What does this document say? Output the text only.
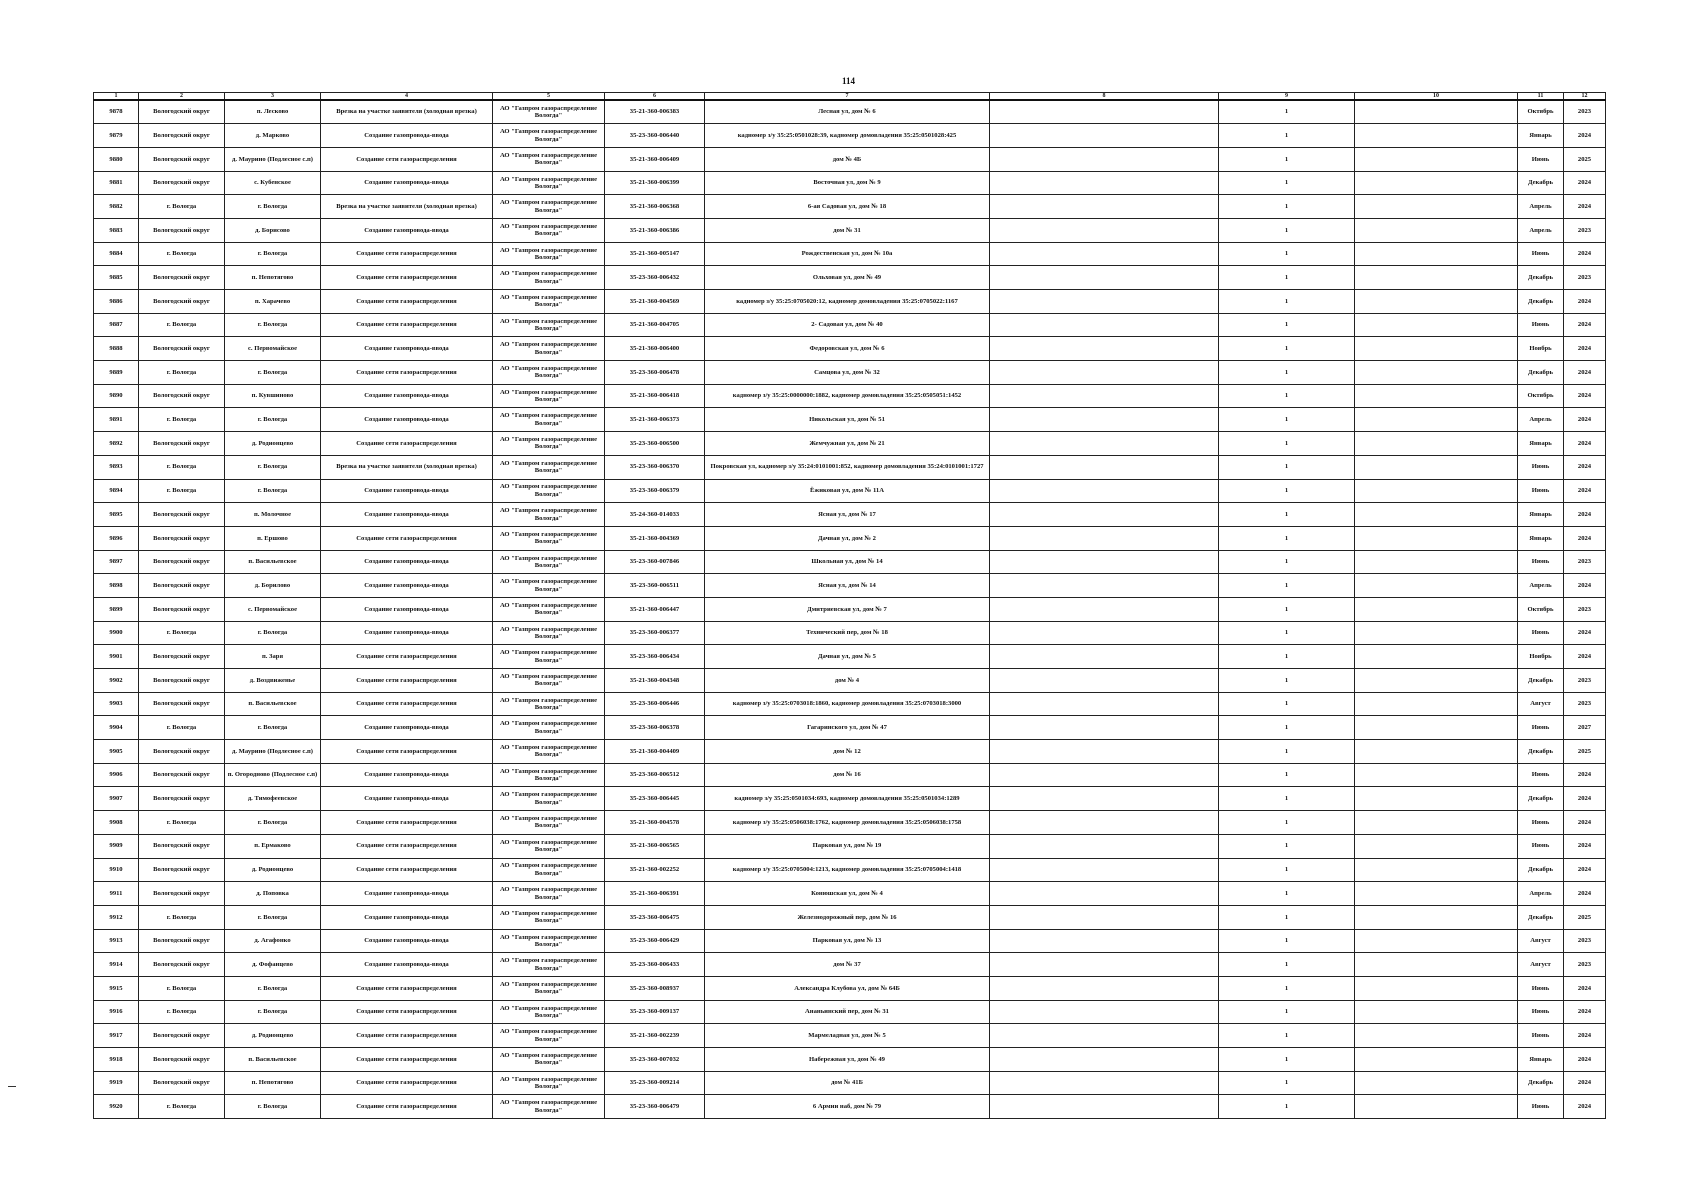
114
1	2	3	4	5	6	7	8	9	10	11	12
9878	Вологодский округ	п. Лесково	Врезка на участке заявителя (холодная врезка)	АО "Газпром газораспределение Вологда"	35-21-360-006383	Лесная ул, дом № 6		1		Октябрь	2023
9879	Вологодский округ	д. Марково	Создание газопровода-ввода	АО "Газпром газораспределение Вологда"	35-23-360-006440	кадномер з/у 35:25:0501028:39, кадномер домовладения 35:25:0501028:425		1		Январь	2024
9880	Вологодский округ	д. Маурино (Подлесное с.п)	Создание сети газораспределения	АО "Газпром газораспределение Вологда"	35-21-360-006409	дом № 4Б		1		Июнь	2025
9881	Вологодский округ	с. Кубенское	Создание газопровода-ввода	АО "Газпром газораспределение Вологда"	35-21-360-006399	Восточная ул, дом № 9		1		Декабрь	2024
9882	г. Вологда	г. Вологда	Врезка на участке заявителя (холодная врезка)	АО "Газпром газораспределение Вологда"	35-21-360-006368	6-ая Садовая ул, дом № 18		1		Апрель	2024
9883	Вологодский округ	д. Борисово	Создание газопровода-ввода	АО "Газпром газораспределение Вологда"	35-21-360-006386	дом № 31		1		Апрель	2023
9884	г. Вологда	г. Вологда	Создание сети газораспределения	АО "Газпром газораспределение Вологда"	35-21-360-005147	Рождественская ул, дом № 10а		1		Июнь	2024
9885	Вологодский округ	п. Непотягово	Создание сети газораспределения	АО "Газпром газораспределение Вологда"	35-23-360-006432	Ольховая ул, дом № 49		1		Декабрь	2023
9886	Вологодский округ	п. Харачево	Создание сети газораспределения	АО "Газпром газораспределение Вологда"	35-21-360-004569	кадномер з/у 35:25:0705020:12, кадномер домовладения 35:25:0705022:1167		1		Декабрь	2024
9887	г. Вологда	г. Вологда	Создание сети газораспределения	АО "Газпром газораспределение Вологда"	35-21-360-004705	2- Садовая ул, дом № 40		1		Июнь	2024
9888	Вологодский округ	с. Первомайское	Создание газопровода-ввода	АО "Газпром газораспределение Вологда"	35-21-360-006400	Федоровская ул, дом № 6		1		Ноябрь	2024
9889	г. Вологда	г. Вологда	Создание сети газораспределения	АО "Газпром газораспределение Вологда"	35-23-360-006478	Самцова ул, дом № 32		1		Декабрь	2024
9890	Вологодский округ	п. Кувшиново	Создание газопровода-ввода	АО "Газпром газораспределение Вологда"	35-21-360-006418	кадномер з/у 35:25:0000000:1882, кадномер домовладения 35:25:0505051:1452		1		Октябрь	2024
9891	г. Вологда	г. Вологда	Создание газопровода-ввода	АО "Газпром газораспределение Вологда"	35-21-360-006373	Никольская ул, дом № 51		1		Апрель	2024
9892	Вологодский округ	д. Родионцево	Создание сети газораспределения	АО "Газпром газораспределение Вологда"	35-23-360-006500	Жемчужная ул, дом № 21		1		Январь	2024
9893	г. Вологда	г. Вологда	Врезка на участке заявителя (холодная врезка)	АО "Газпром газораспределение Вологда"	35-23-360-006370	Покровская ул, кадномер з/у 35:24:0101001:852, кадномер домовладения 35:24:0101001:1727		1		Июнь	2024
9894	г. Вологда	г. Вологда	Создание газопровода-ввода	АО "Газпром газораспределение Вологда"	35-23-360-006379	Ёжиковая ул, дом № 11А		1		Июнь	2024
9895	Вологодский округ	п. Молочное	Создание газопровода-ввода	АО "Газпром газораспределение Вологда"	35-24-360-014033	Ясная ул, дом № 17		1		Январь	2024
9896	Вологодский округ	п. Ершово	Создание сети газораспределения	АО "Газпром газораспределение Вологда"	35-21-360-004369	Дачная ул, дом № 2		1		Январь	2024
9897	Вологодский округ	п. Васильевское	Создание газопровода-ввода	АО "Газпром газораспределение Вологда"	35-23-360-007846	Школьная ул, дом № 14		1		Июнь	2023
9898	Вологодский округ	д. Борилово	Создание газопровода-ввода	АО "Газпром газораспределение Вологда"	35-23-360-006511	Ясная ул, дом № 14		1		Апрель	2024
9899	Вологодский округ	с. Первомайское	Создание газопровода-ввода	АО "Газпром газораспределение Вологда"	35-21-360-006447	Дмитриевская ул, дом № 7		1		Октябрь	2023
9900	г. Вологда	г. Вологда	Создание газопровода-ввода	АО "Газпром газораспределение Вологда"	35-23-360-006377	Технический пер, дом № 18		1		Июнь	2024
9901	Вологодский округ	п. Заря	Создание сети газораспределения	АО "Газпром газораспределение Вологда"	35-23-360-006434	Дачная ул, дом № 5		1		Ноябрь	2024
9902	Вологодский округ	д. Воздвиженье	Создание сети газораспределения	АО "Газпром газораспределение Вологда"	35-21-360-004348	дом № 4		1		Декабрь	2023
9903	Вологодский округ	п. Васильевское	Создание сети газораспределения	АО "Газпром газораспределение Вологда"	35-23-360-006446	кадномер з/у 35:25:0703018:1860, кадномер домовладения 35:25:0703018:3000		1		Август	2023
9904	г. Вологда	г. Вологда	Создание газопровода-ввода	АО "Газпром газораспределение Вологда"	35-23-360-006378	Гагаринского ул, дом № 47		1		Июнь	2027
9905	Вологодский округ	д. Маурино (Подлесное с.п)	Создание сети газораспределения	АО "Газпром газораспределение Вологда"	35-21-360-004409	дом № 12		1		Декабрь	2025
9906	Вологодский округ	п. Огородново (Подлесное с.п)	Создание газопровода-ввода	АО "Газпром газораспределение Вологда"	35-23-360-006512	дом № 16		1		Июнь	2024
9907	Вологодский округ	д. Тимофеевское	Создание газопровода-ввода	АО "Газпром газораспределение Вологда"	35-23-360-006445	кадномер з/у 35:25:0501034:693, кадномер домовладения 35:25:0501034:1289		1		Декабрь	2024
9908	г. Вологда	г. Вологда	Создание сети газораспределения	АО "Газпром газораспределение Вологда"	35-21-360-004578	кадномер з/у 35:25:0506038:1762, кадномер домовладения 35:25:0506038:1758		1		Июнь	2024
9909	Вологодский округ	п. Ермаково	Создание сети газораспределения	АО "Газпром газораспределение Вологда"	35-21-360-006565	Парковая ул, дом № 19		1		Июнь	2024
9910	Вологодский округ	д. Родионцево	Создание сети газораспределения	АО "Газпром газораспределение Вологда"	35-21-360-002252	кадномер з/у 35:25:0705004:1213, кадномер домовладения 35:25:0705004:1418		1		Декабрь	2024
9911	Вологодский округ	д. Поповка	Создание газопровода-ввода	АО "Газпром газораспределение Вологда"	35-21-360-006391	Конюшская ул, дом № 4		1		Апрель	2024
9912	г. Вологда	г. Вологда	Создание газопровода-ввода	АО "Газпром газораспределение Вологда"	35-23-360-006475	Железнодорожный пер, дом № 16		1		Декабрь	2025
9913	Вологодский округ	д. Агафонко	Создание газопровода-ввода	АО "Газпром газораспределение Вологда"	35-23-360-006429	Парковая ул, дом № 13		1		Август	2023
9914	Вологодский округ	д. Фофанцево	Создание газопровода-ввода	АО "Газпром газораспределение Вологда"	35-23-360-006433	дом № 37		1		Август	2023
9915	г. Вологда	г. Вологда	Создание сети газораспределения	АО "Газпром газораспределение Вологда"	35-23-360-008937	Александра Клубова ул, дом № 64Б		1		Июнь	2024
9916	г. Вологда	г. Вологда	Создание сети газораспределения	АО "Газпром газораспределение Вологда"	35-23-360-009137	Ананьинский пер, дом № 31		1		Июнь	2024
9917	Вологодский округ	д. Родионцево	Создание сети газораспределения	АО "Газпром газораспределение Вологда"	35-21-360-002239	Мармеладная ул, дом № 5		1		Июнь	2024
9918	Вологодский округ	п. Васильевское	Создание сети газораспределения	АО "Газпром газораспределение Вологда"	35-23-360-007032	Набережная ул, дом № 49		1		Январь	2024
9919	Вологодский округ	п. Непотягово	Создание сети газораспределения	АО "Газпром газораспределение Вологда"	35-23-360-009214	дом № 41Б		1		Декабрь	2024
9920	г. Вологда	г. Вологда	Создание сети газораспределения	АО "Газпром газораспределение Вологда"	35-23-360-006479	6 Армии наб, дом № 79		1		Июнь	2024
